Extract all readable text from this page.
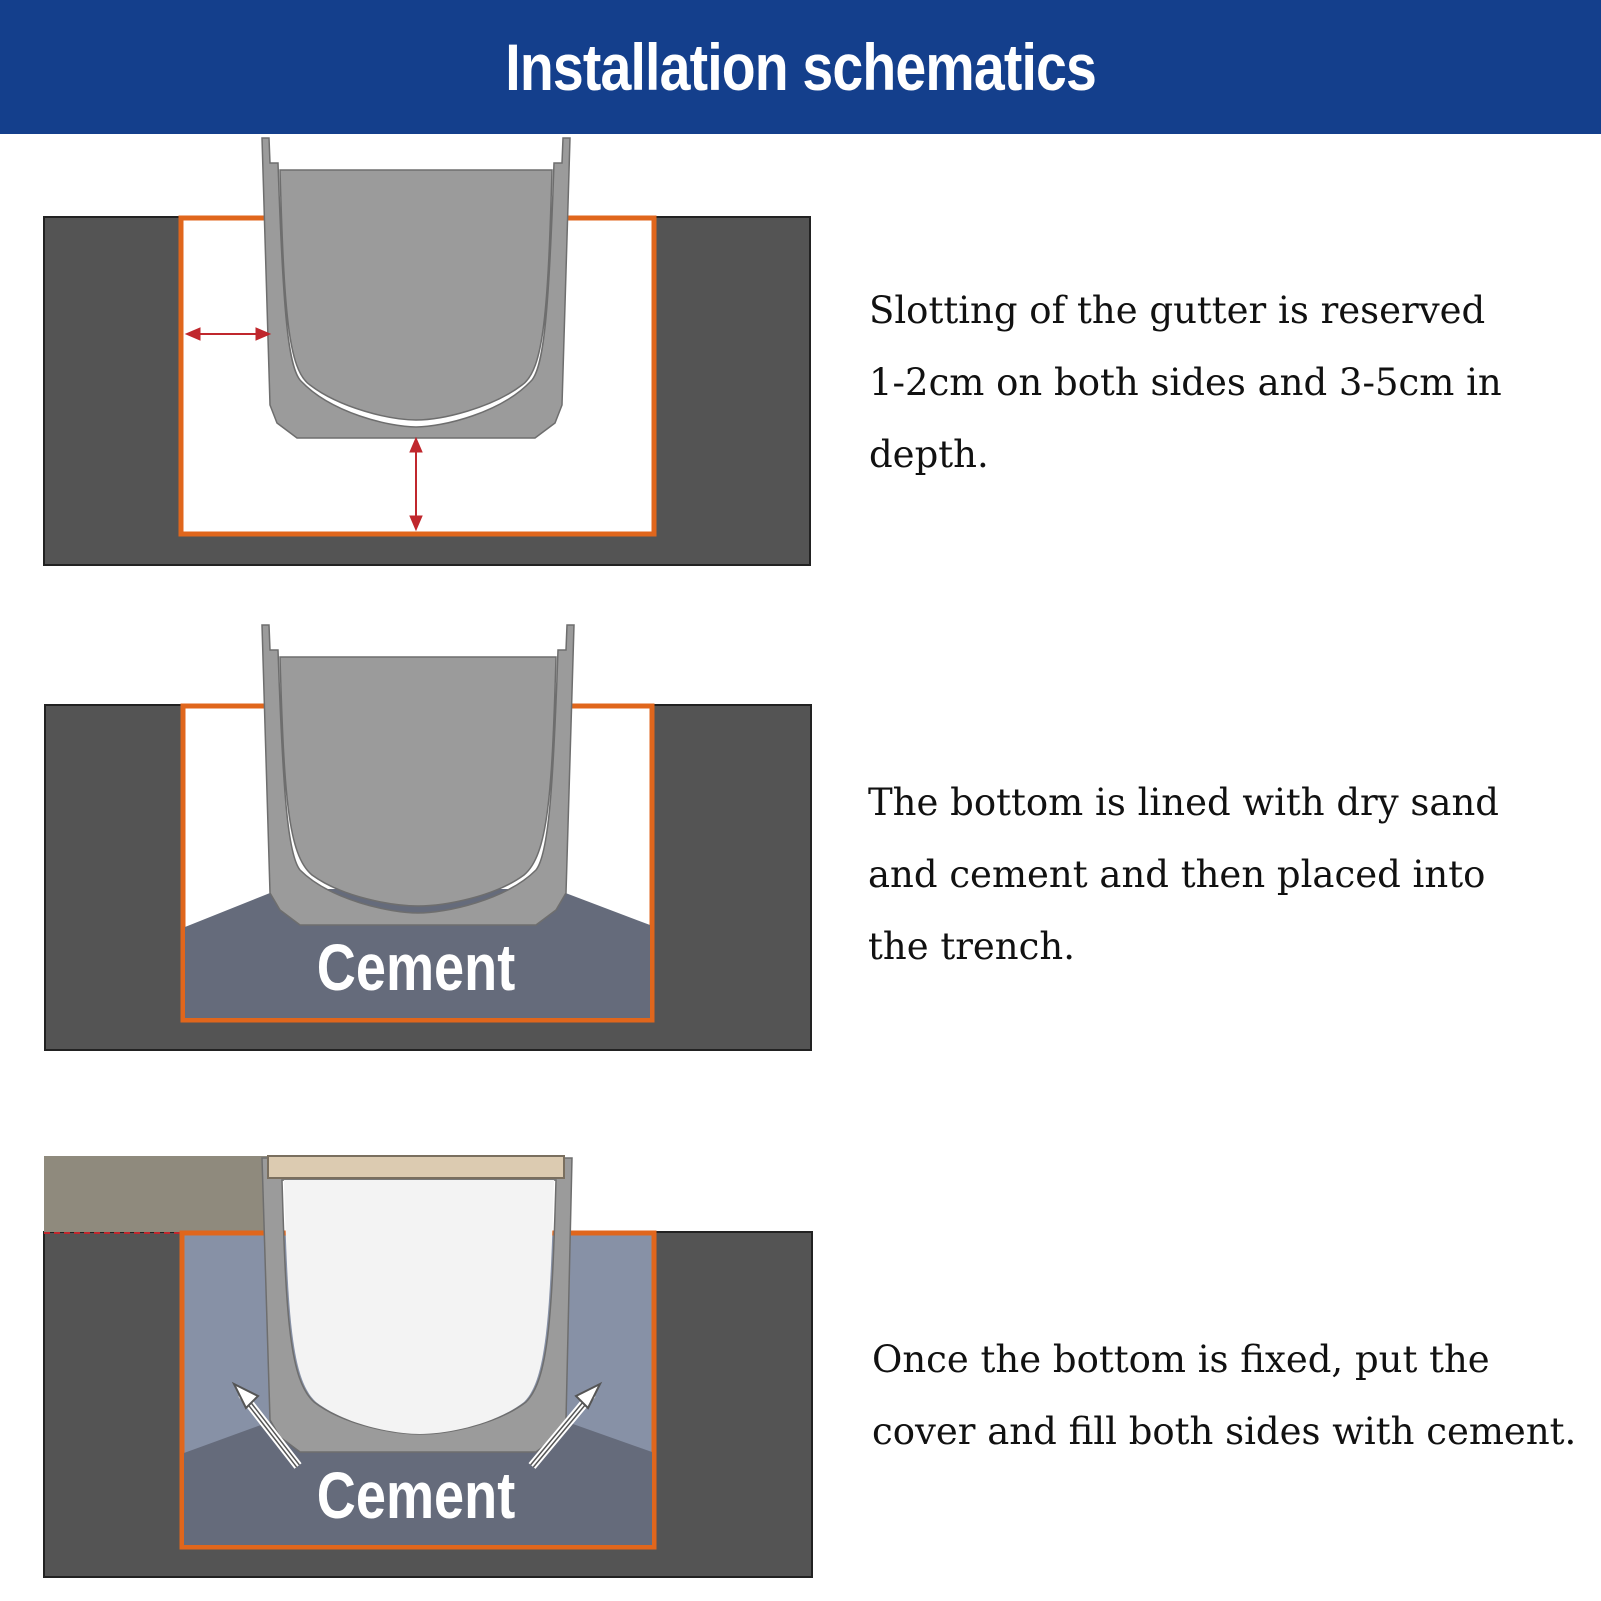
Installation schematics

Slotting of the gutter is reserved 1-2cm on both sides and 3-5cm in depth.

Cement

The bottom is lined with dry sand and cement and then placed into the trench.

Cement

Once the bottom is fixed, put the cover and fill both sides with cement.
